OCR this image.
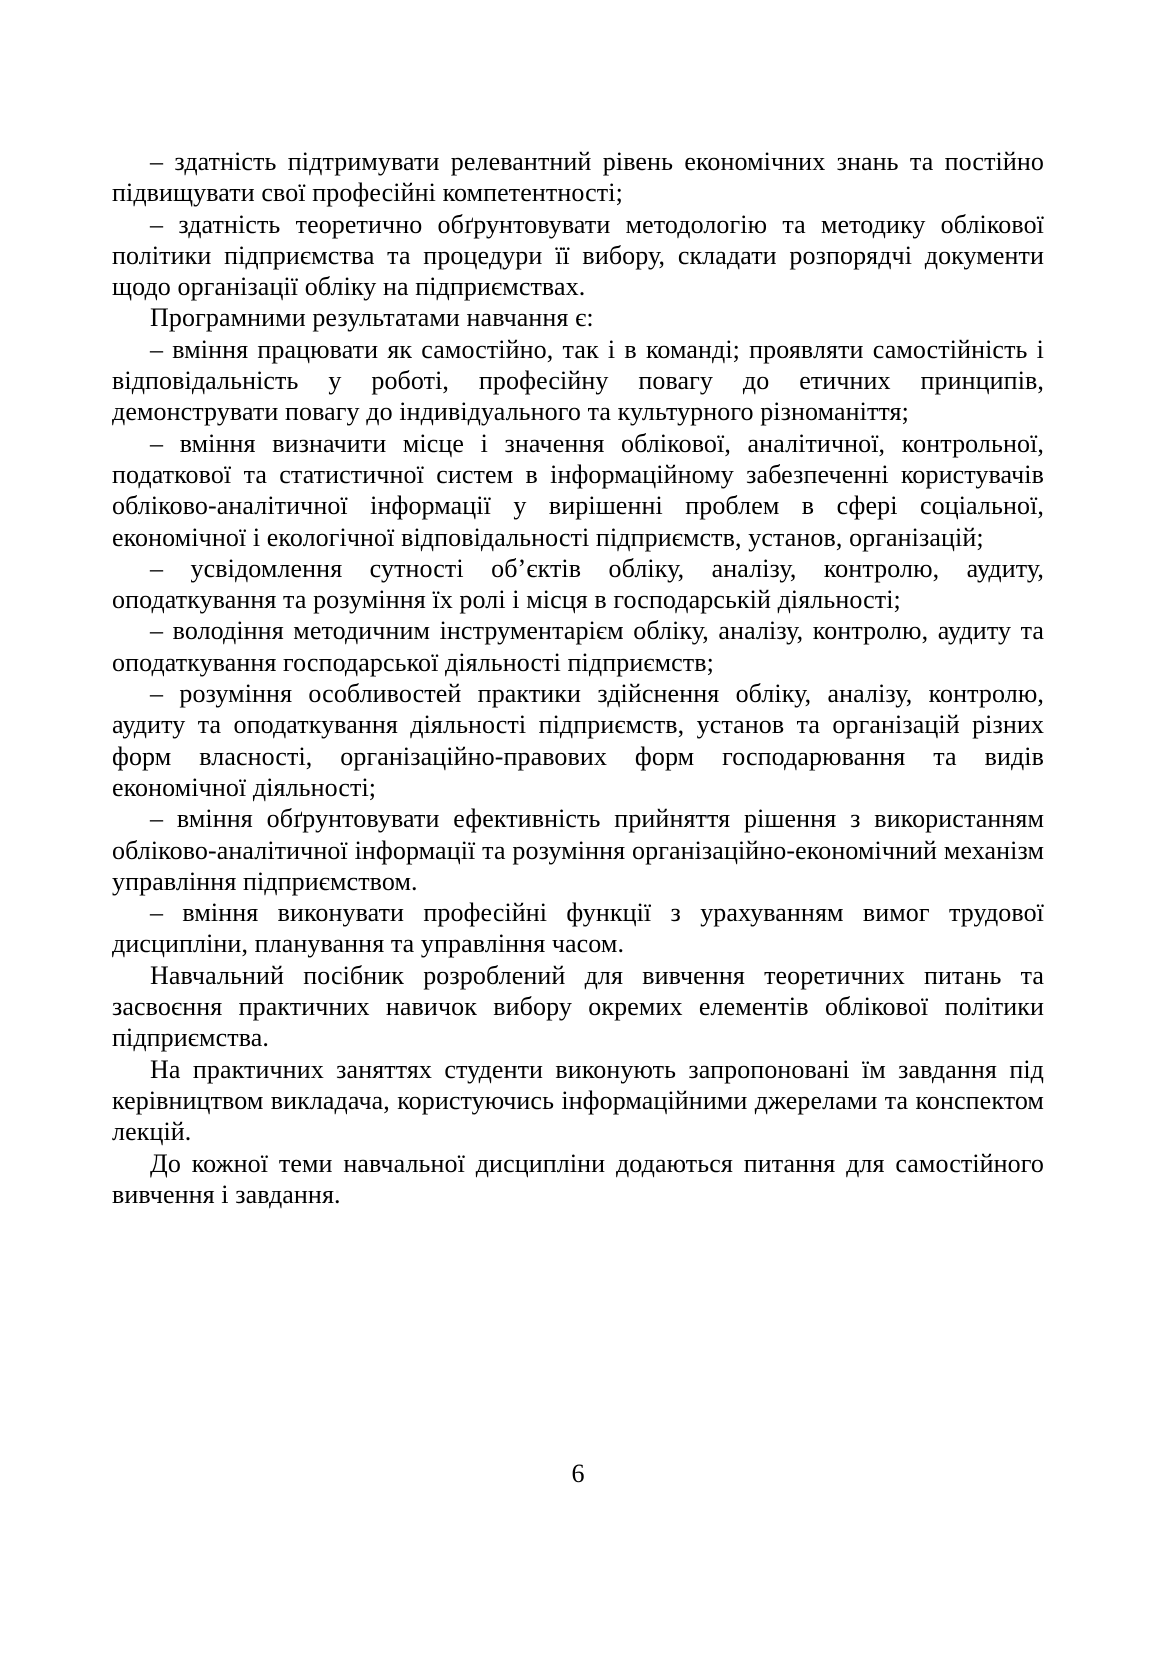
– здатність підтримувати релевантний рівень економічних знань та постійно підвищувати свої професійні компетентності;

– здатність теоретично обґрунтовувати методологію та методику облікової політики підприємства та процедури її вибору, складати розпорядчі документи щодо організації обліку на підприємствах.

Програмними результатами навчання є:

– вміння працювати як самостійно, так і в команді; проявляти самостійність і відповідальність у роботі, професійну повагу до етичних принципів, демонструвати повагу до індивідуального та культурного різноманіття;

– вміння визначити місце і значення облікової, аналітичної, контрольної, податкової та статистичної систем в інформаційному забезпеченні користувачів обліково-аналітичної інформації у вирішенні проблем в сфері соціальної, економічної і екологічної відповідальності підприємств, установ, організацій;

– усвідомлення сутності об’єктів обліку, аналізу, контролю, аудиту, оподаткування та розуміння їх ролі і місця в господарській діяльності;

– володіння методичним інструментарієм обліку, аналізу, контролю, аудиту та оподаткування господарської діяльності підприємств;

– розуміння особливостей практики здійснення обліку, аналізу, контролю, аудиту та оподаткування діяльності підприємств, установ та організацій різних форм власності, організаційно-правових форм господарювання та видів економічної діяльності;

– вміння обґрунтовувати ефективність прийняття рішення з використанням обліково-аналітичної інформації та розуміння організаційно-економічний механізм управління підприємством.

– вміння виконувати професійні функції з урахуванням вимог трудової дисципліни, планування та управління часом.

Навчальний посібник розроблений для вивчення теоретичних питань та засвоєння практичних навичок вибору окремих елементів облікової політики підприємства.

На практичних заняттях студенти виконують запропоновані їм завдання під керівництвом викладача, користуючись інформаційними джерелами та конспектом лекцій.

До кожної теми навчальної дисципліни додаються питання для самостійного вивчення і завдання.

6
